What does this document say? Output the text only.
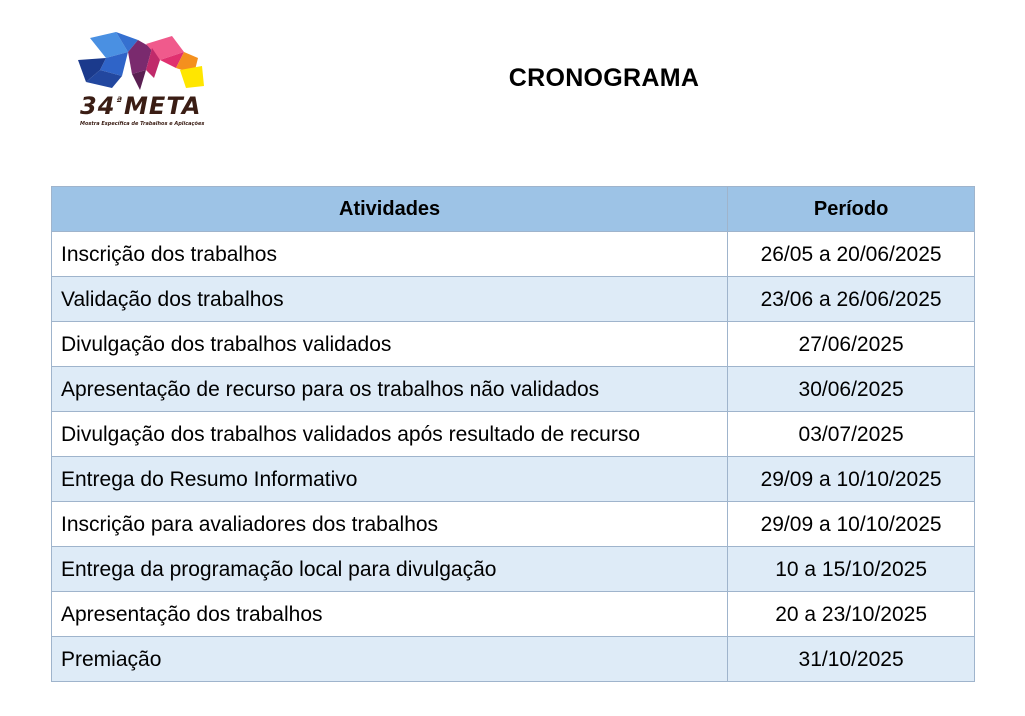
$34^ªMETA$
Mostra Específica de Trabalhos e Aplicações
CRONOGRAMA
Atividades	Período
Inscrição dos trabalhos	26/05 a 20/06/2025
Validação dos trabalhos	23/06 a 26/06/2025
Divulgação dos trabalhos validados	27/06/2025
Apresentação de recurso para os trabalhos não validados	30/06/2025
Divulgação dos trabalhos validados após resultado de recurso	03/07/2025
Entrega do Resumo Informativo	29/09 a 10/10/2025
Inscrição para avaliadores dos trabalhos	29/09 a 10/10/2025
Entrega da programação local para divulgação	10 a 15/10/2025
Apresentação dos trabalhos	20 a 23/10/2025
Premiação	31/10/2025
